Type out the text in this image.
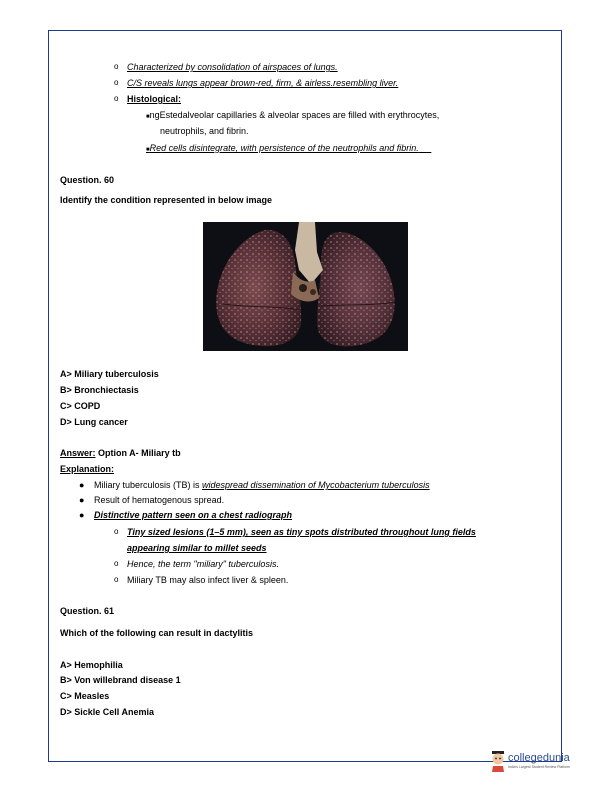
o Characterized by consolidation of airspaces of lungs.
o C/S reveals lungs appear brown-red, firm, & airless.resembling liver.
o Histological:
■ngEstedalveolar capillaries & alveolar spaces are filled with erythrocytes,
neutrophils, and fibrin.
■Red cells disintegrate, with persistence of the neutrophils and fibrin.
Question. 60
Identify the condition represented in below image
A> Miliary tuberculosis
B> Bronchiectasis
C> COPD
D> Lung cancer
Answer: Option A- Miliary tb
Explanation:
● Miliary tuberculosis (TB) is widespread dissemination of Mycobacterium tuberculosis
● Result of hematogenous spread.
● Distinctive pattern seen on a chest radiograph
o Tiny sized lesions (1–5 mm), seen as tiny spots distributed throughout lung fields
appearing similar to millet seeds
o Hence, the term "miliary" tuberculosis.
o Miliary TB may also infect liver & spleen.
Question. 61
Which of the following can result in dactylitis
A> Hemophilia
B> Von willebrand disease 1
C> Measles
D> Sickle Cell Anemia
collegedunia
India's Largest Student Review Platform
